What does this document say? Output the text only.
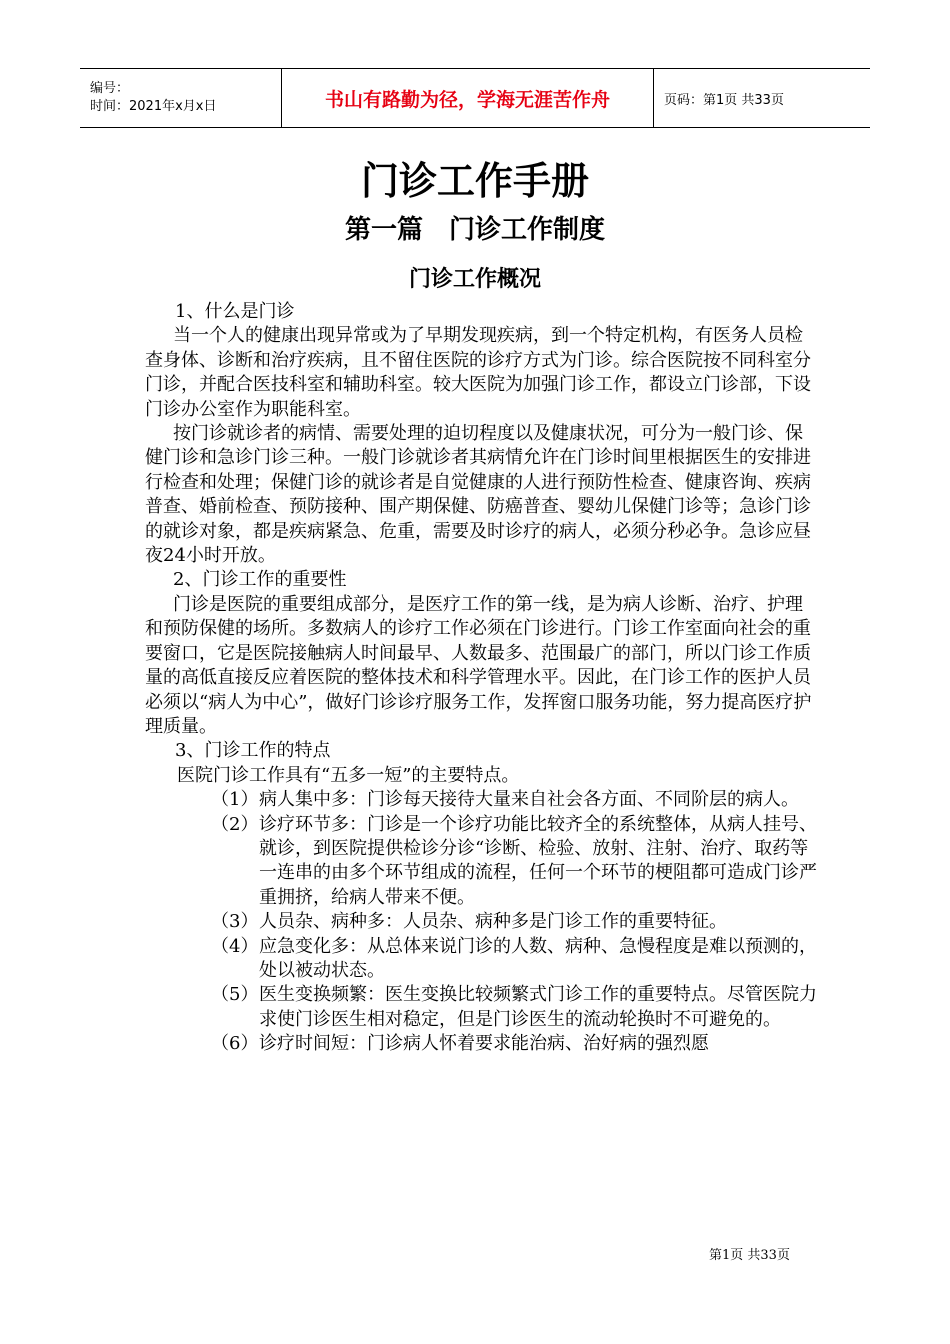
编号：
时间：2021年x月x日	书山有路勤为径，学海无涯苦作舟	页码：第1页 共33页
门诊工作手册
第一篇　门诊工作制度
门诊工作概况

1、什么是门诊

当一个人的健康出现异常或为了早期发现疾病，到一个特定机构，有医务人员检查身体、诊断和治疗疾病，且不留住医院的诊疗方式为门诊。综合医院按不同科室分门诊，并配合医技科室和辅助科室。较大医院为加强门诊工作，都设立门诊部，下设门诊办公室作为职能科室。

按门诊就诊者的病情、需要处理的迫切程度以及健康状况，可分为一般门诊、保健门诊和急诊门诊三种。一般门诊就诊者其病情允许在门诊时间里根据医生的安排进行检查和处理；保健门诊的就诊者是自觉健康的人进行预防性检查、健康咨询、疾病普查、婚前检查、预防接种、围产期保健、防癌普查、婴幼儿保健门诊等；急诊门诊的就诊对象，都是疾病紧急、危重，需要及时诊疗的病人，必须分秒必争。急诊应昼夜24小时开放。

2、门诊工作的重要性

门诊是医院的重要组成部分，是医疗工作的第一线，是为病人诊断、治疗、护理和预防保健的场所。多数病人的诊疗工作必须在门诊进行。门诊工作室面向社会的重要窗口，它是医院接触病人时间最早、人数最多、范围最广的部门，所以门诊工作质量的高低直接反应着医院的整体技术和科学管理水平。因此，在门诊工作的医护人员必须以“病人为中心”，做好门诊诊疗服务工作，发挥窗口服务功能，努力提高医疗护理质量。

3、门诊工作的特点

医院门诊工作具有“五多一短”的主要特点。

（1）病人集中多：门诊每天接待大量来自社会各方面、不同阶层的病人。

（2）诊疗环节多：门诊是一个诊疗功能比较齐全的系统整体，从病人挂号、就诊，到医院提供检诊分诊“诊断、检验、放射、注射、治疗、取药等一连串的由多个环节组成的流程，任何一个环节的梗阻都可造成门诊严重拥挤，给病人带来不便。

（3）人员杂、病种多：人员杂、病种多是门诊工作的重要特征。

（4）应急变化多：从总体来说门诊的人数、病种、急慢程度是难以预测的，处以被动状态。

（5）医生变换频繁：医生变换比较频繁式门诊工作的重要特点。尽管医院力求使门诊医生相对稳定，但是门诊医生的流动轮换时不可避免的。

（6）诊疗时间短：门诊病人怀着要求能治病、治好病的强烈愿

第1页 共33页
